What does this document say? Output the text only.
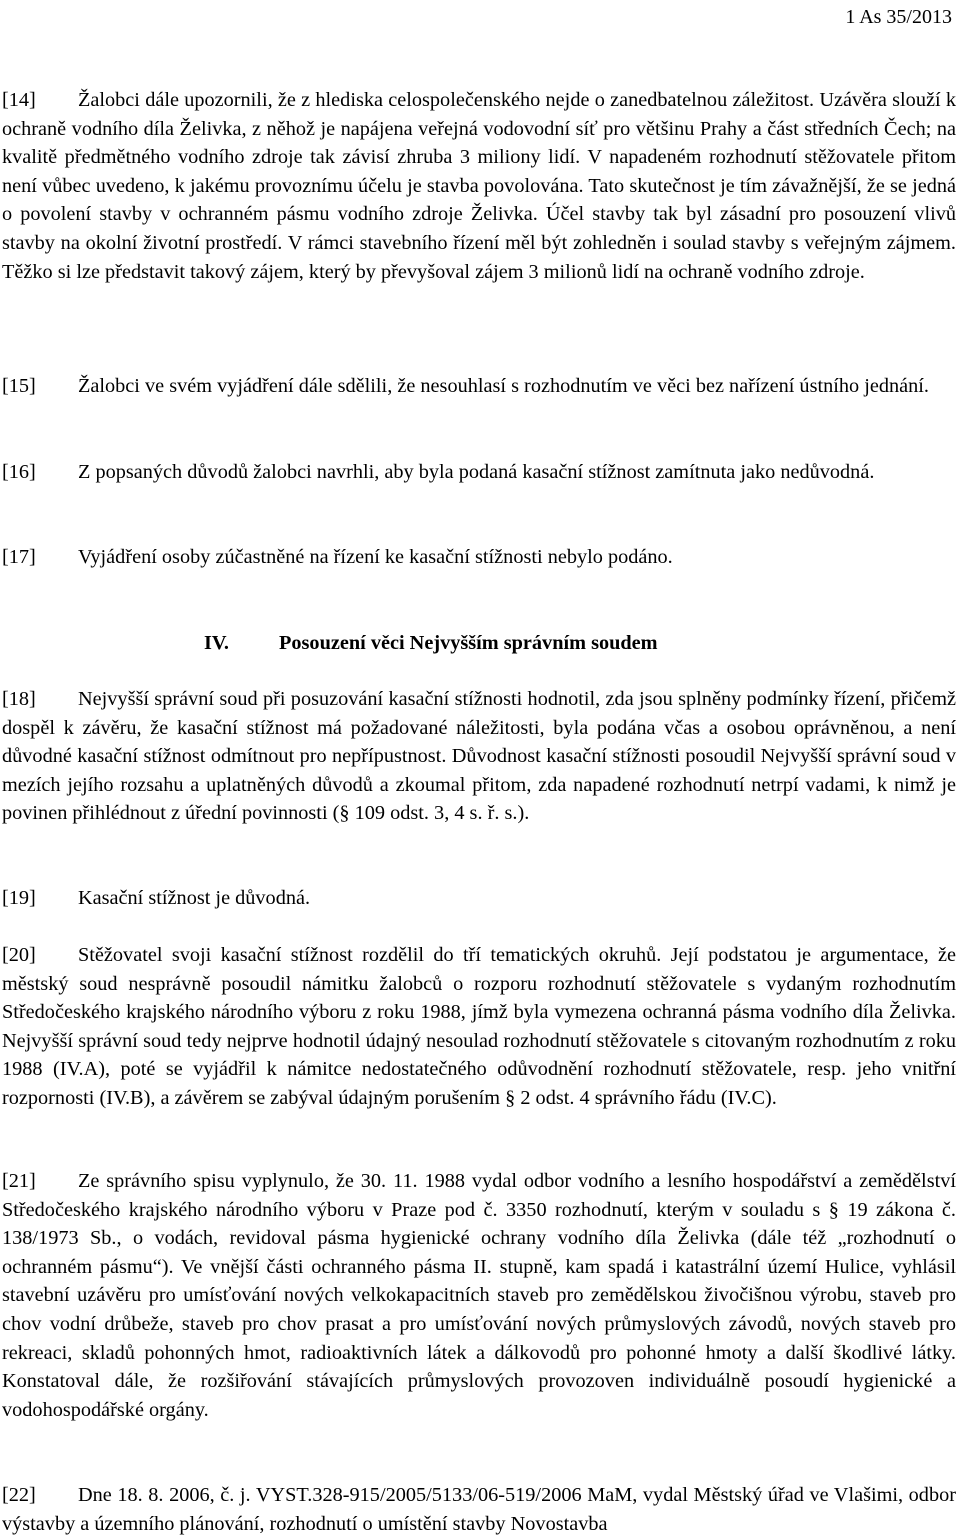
1 As 35/2013

[14] Žalobci dále upozornili, že z hlediska celospolečenského nejde o zanedbatelnou záležitost. Uzávěra slouží k ochraně vodního díla Želivka, z něhož je napájena veřejná vodovodní síť pro většinu Prahy a část středních Čech; na kvalitě předmětného vodního zdroje tak závisí zhruba 3 miliony lidí. V napadeném rozhodnutí stěžovatele přitom není vůbec uvedeno, k jakému provoznímu účelu je stavba povolována. Tato skutečnost je tím závažnější, že se jedná o povolení stavby v ochranném pásmu vodního zdroje Želivka. Účel stavby tak byl zásadní pro posouzení vlivů stavby na okolní životní prostředí. V rámci stavebního řízení měl být zohledněn i soulad stavby s veřejným zájmem. Těžko si lze představit takový zájem, který by převyšoval zájem 3 milionů lidí na ochraně vodního zdroje.

[15] Žalobci ve svém vyjádření dále sdělili, že nesouhlasí s rozhodnutím ve věci bez nařízení ústního jednání.

[16] Z popsaných důvodů žalobci navrhli, aby byla podaná kasační stížnost zamítnuta jako nedůvodná.

[17] Vyjádření osoby zúčastněné na řízení ke kasační stížnosti nebylo podáno.

IV. Posouzení věci Nejvyšším správním soudem

[18] Nejvyšší správní soud při posuzování kasační stížnosti hodnotil, zda jsou splněny podmínky řízení, přičemž dospěl k závěru, že kasační stížnost má požadované náležitosti, byla podána včas a osobou oprávněnou, a není důvodné kasační stížnost odmítnout pro nepřípustnost. Důvodnost kasační stížnosti posoudil Nejvyšší správní soud v mezích jejího rozsahu a uplatněných důvodů a zkoumal přitom, zda napadené rozhodnutí netrpí vadami, k nimž je povinen přihlédnout z úřední povinnosti (§ 109 odst. 3, 4 s. ř. s.).

[19] Kasační stížnost je důvodná.

[20] Stěžovatel svoji kasační stížnost rozdělil do tří tematických okruhů. Její podstatou je argumentace, že městský soud nesprávně posoudil námitku žalobců o rozporu rozhodnutí stěžovatele s vydaným rozhodnutím Středočeského krajského národního výboru z roku 1988, jímž byla vymezena ochranná pásma vodního díla Želivka. Nejvyšší správní soud tedy nejprve hodnotil údajný nesoulad rozhodnutí stěžovatele s citovaným rozhodnutím z roku 1988 (IV.A), poté se vyjádřil k námitce nedostatečného odůvodnění rozhodnutí stěžovatele, resp. jeho vnitřní rozpornosti (IV.B), a závěrem se zabýval údajným porušením § 2 odst. 4 správního řádu (IV.C).

[21] Ze správního spisu vyplynulo, že 30. 11. 1988 vydal odbor vodního a lesního hospodářství a zemědělství Středočeského krajského národního výboru v Praze pod č. 3350 rozhodnutí, kterým v souladu s § 19 zákona č. 138/1973 Sb., o vodách, revidoval pásma hygienické ochrany vodního díla Želivka (dále též „rozhodnutí o ochranném pásmu“). Ve vnější části ochranného pásma II. stupně, kam spadá i katastrální území Hulice, vyhlásil stavební uzávěru pro umísťování nových velkokapacitních staveb pro zemědělskou živočišnou výrobu, staveb pro chov vodní drůbeže, staveb pro chov prasat a pro umísťování nových průmyslových závodů, nových staveb pro rekreaci, skladů pohonných hmot, radioaktivních látek a dálkovodů pro pohonné hmoty a další škodlivé látky. Konstatoval dále, že rozšiřování stávajících průmyslových provozoven individuálně posoudí hygienické a vodohospodářské orgány.

[22] Dne 18. 8. 2006, č. j. VYST.328-915/2005/5133/06-519/2006 MaM, vydal Městský úřad ve Vlašimi, odbor výstavby a územního plánování, rozhodnutí o umístění stavby Novostavba
